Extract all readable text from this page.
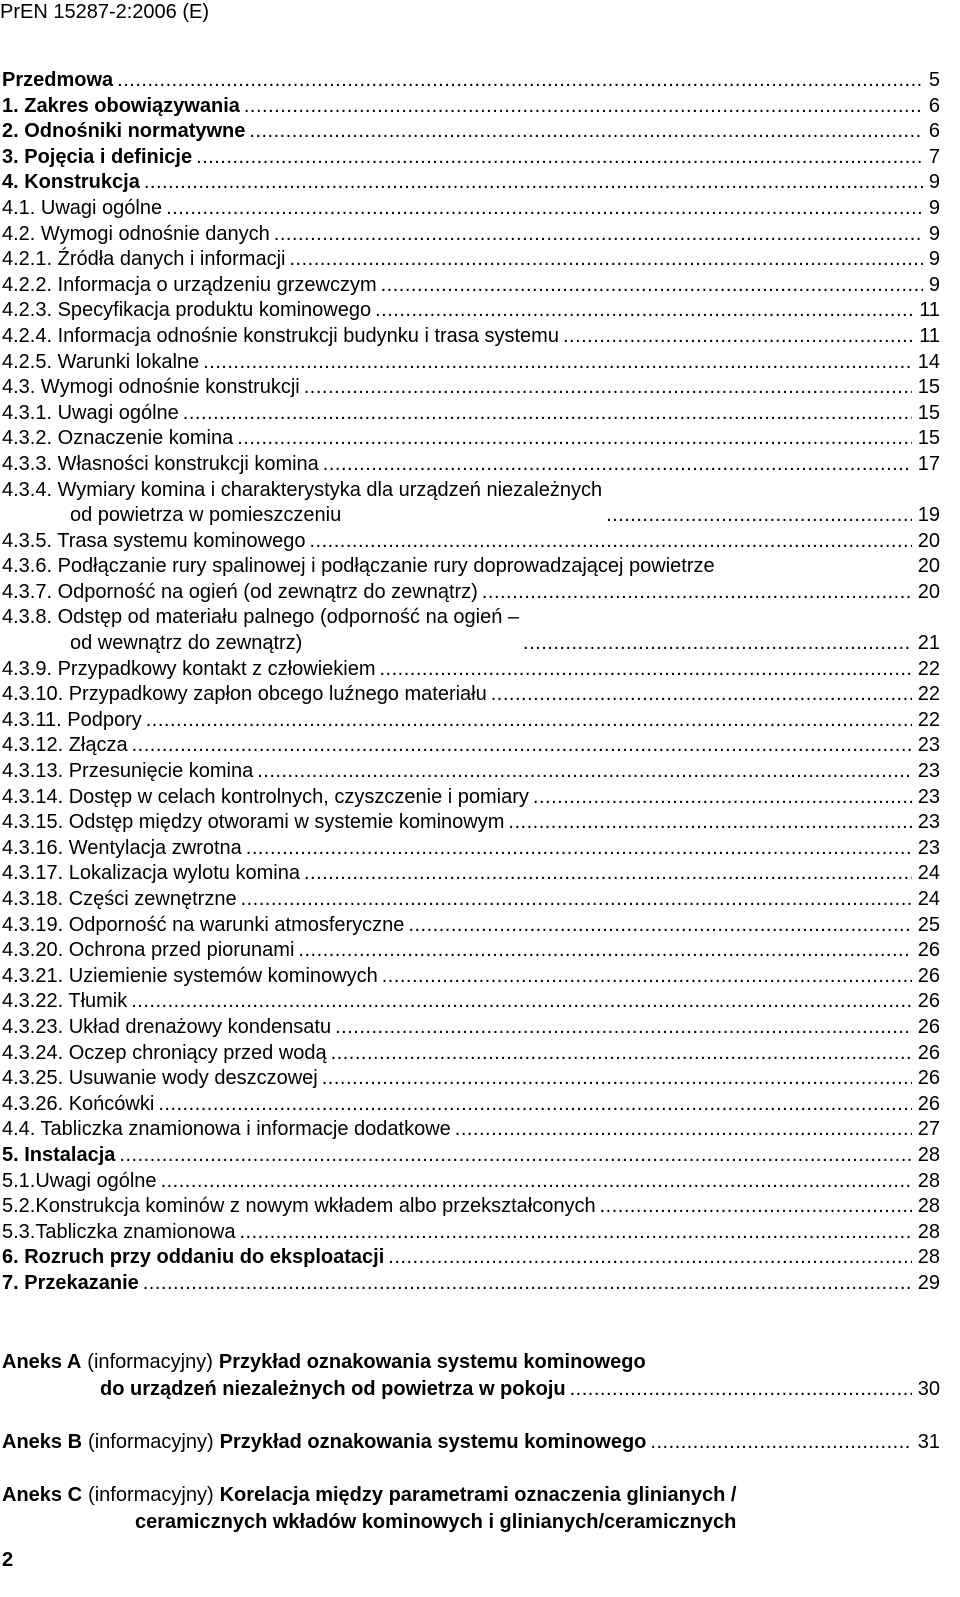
PrEN 15287-2:2006 (E)
Przedmowa .....	5
1. Zakres obowiązywania .....	6
2. Odnośniki normatywne .....	6
3. Pojęcia i definicje .....	7
4. Konstrukcja .....	9
4.1. Uwagi ogólne .....	9
4.2. Wymogi odnośnie danych .....	9
4.2.1. Źródła danych i informacji .....	9
4.2.2. Informacja o urządzeniu grzewczym .....	9
4.2.3. Specyfikacja produktu kominowego .....	11
4.2.4. Informacja odnośnie konstrukcji budynku i trasa systemu .....	11
4.2.5. Warunki lokalne .....	14
4.3. Wymogi odnośnie konstrukcji .....	15
4.3.1. Uwagi ogólne .....	15
4.3.2. Oznaczenie komina .....	15
4.3.3. Własności konstrukcji komina .....	17
4.3.4. Wymiary komina i charakterystyka dla urządzeń niezależnych
od powietrza w pomieszczeniu .....	19
4.3.5. Trasa systemu kominowego .....	20
4.3.6. Podłączanie rury spalinowej i podłączanie rury doprowadzającej powietrze	20
4.3.7. Odporność na ogień (od zewnątrz do zewnątrz) .....	20
4.3.8. Odstęp od materiału palnego (odporność na ogień –
od wewnątrz do zewnątrz) .....	21
4.3.9. Przypadkowy kontakt z człowiekiem .....	22
4.3.10. Przypadkowy zapłon obcego luźnego materiału .....	22
4.3.11. Podpory .....	22
4.3.12. Złącza .....	23
4.3.13. Przesunięcie komina .....	23
4.3.14. Dostęp w celach kontrolnych, czyszczenie i pomiary .....	23
4.3.15. Odstęp między otworami w systemie kominowym .....	23
4.3.16. Wentylacja zwrotna .....	23
4.3.17. Lokalizacja wylotu komina .....	24
4.3.18. Części zewnętrzne .....	24
4.3.19. Odporność na warunki atmosferyczne .....	25
4.3.20. Ochrona przed piorunami .....	26
4.3.21. Uziemienie systemów kominowych .....	26
4.3.22. Tłumik .....	26
4.3.23. Układ drenażowy kondensatu .....	26
4.3.24. Oczep chroniący przed wodą .....	26
4.3.25. Usuwanie wody deszczowej .....	26
4.3.26. Końcówki .....	26
4.4. Tabliczka znamionowa i informacje dodatkowe .....	27
5. Instalacja .....	28
5.1.Uwagi ogólne .....	28
5.2.Konstrukcja kominów z nowym wkładem albo przekształconych .....	28
5.3.Tabliczka znamionowa .....	28
6. Rozruch przy oddaniu do eksploatacji .....	28
7. Przekazanie .....	29
Aneks A (informacyjny) Przykład oznakowania systemu kominowego
do urządzeń niezależnych od powietrza w pokoju .....	30
Aneks B (informacyjny) Przykład oznakowania systemu kominowego .....	31
Aneks C (informacyjny) Korelacja między parametrami oznaczenia glinianych /
ceramicznych wkładów kominowych i glinianych/ceramicznych
2
